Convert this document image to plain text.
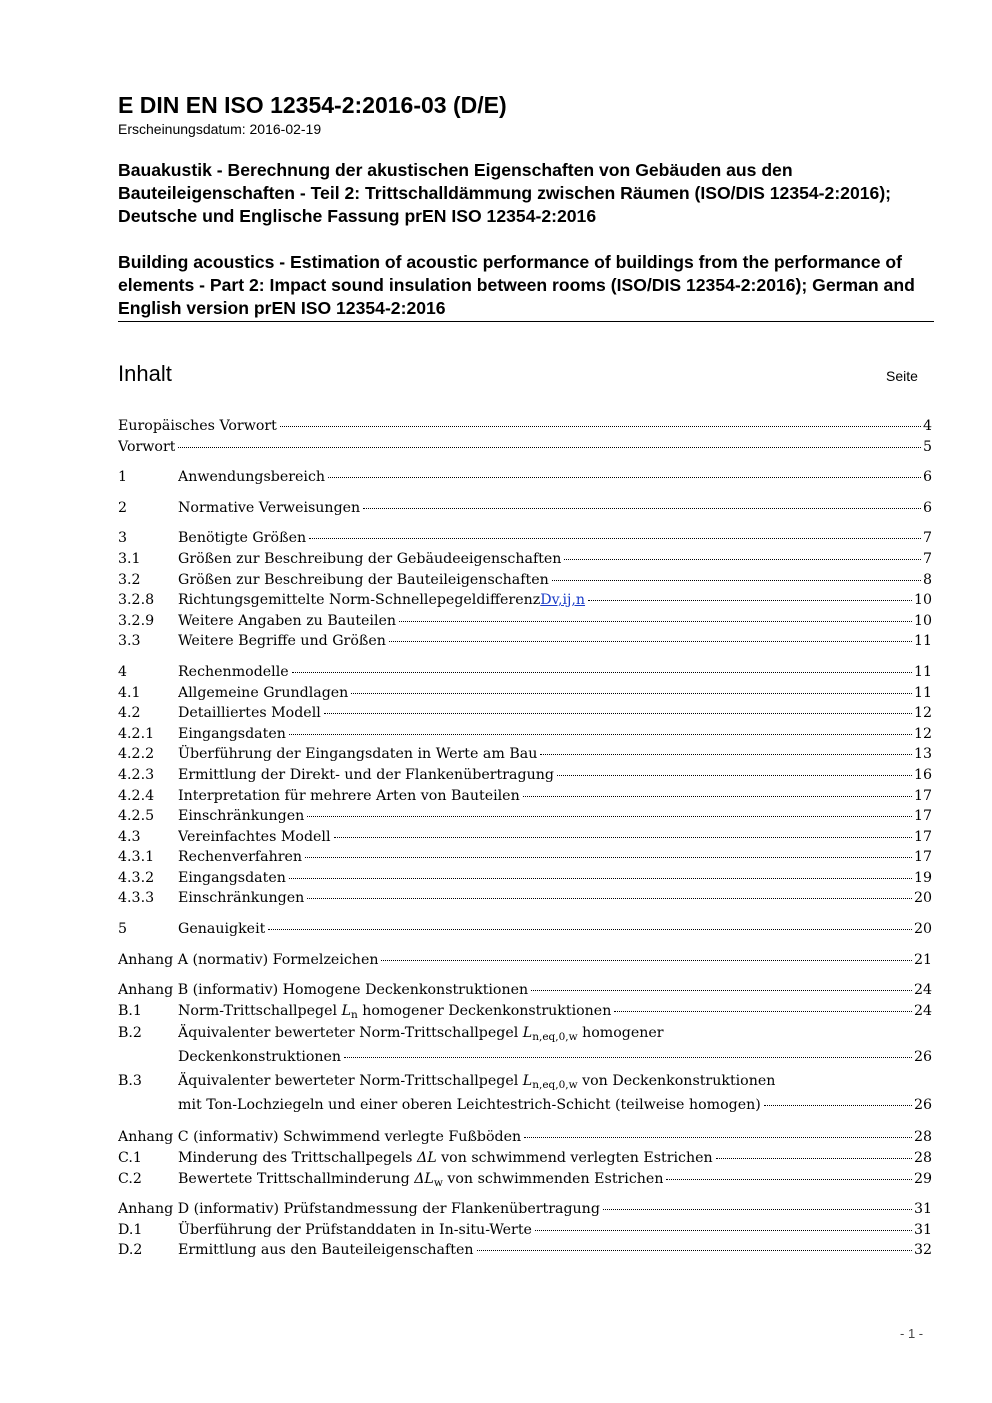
E DIN EN ISO 12354-2:2016-03 (D/E)
Erscheinungsdatum: 2016-02-19
Bauakustik - Berechnung der akustischen Eigenschaften von Gebäuden aus den Bauteileigenschaften - Teil 2: Trittschalldämmung zwischen Räumen (ISO/DIS 12354-2:2016); Deutsche und Englische Fassung prEN ISO 12354-2:2016
Building acoustics - Estimation of acoustic performance of buildings from the performance of elements - Part 2: Impact sound insulation between rooms (ISO/DIS 12354-2:2016); German and English version prEN ISO 12354-2:2016
Inhalt	Seite
Europäisches Vorwort	4
Vorwort	5
1	Anwendungsbereich	6
2	Normative Verweisungen	6
3	Benötigte Größen	7
3.1	Größen zur Beschreibung der Gebäudeeigenschaften	7
3.2	Größen zur Beschreibung der Bauteileigenschaften	8
3.2.8	Richtungsgemittelte Norm-Schnellepegeldifferenz Dv,ij,n	10
3.2.9	Weitere Angaben zu Bauteilen	10
3.3	Weitere Begriffe und Größen	11
4	Rechenmodelle	11
4.1	Allgemeine Grundlagen	11
4.2	Detailliertes Modell	12
4.2.1	Eingangsdaten	12
4.2.2	Überführung der Eingangsdaten in Werte am Bau	13
4.2.3	Ermittlung der Direkt- und der Flankenübertragung	16
4.2.4	Interpretation für mehrere Arten von Bauteilen	17
4.2.5	Einschränkungen	17
4.3	Vereinfachtes Modell	17
4.3.1	Rechenverfahren	17
4.3.2	Eingangsdaten	19
4.3.3	Einschränkungen	20
5	Genauigkeit	20
Anhang A (normativ) Formelzeichen	21
Anhang B (informativ) Homogene Deckenkonstruktionen	24
B.1	Norm-Trittschallpegel $L_n$ homogener Deckenkonstruktionen	24
B.2	Äquivalenter bewerteter Norm-Trittschallpegel $L_{n,eq,0,w}$ homogener
Deckenkonstruktionen	26
B.3	Äquivalenter bewerteter Norm-Trittschallpegel $L_{n,eq,0,w}$ von Deckenkonstruktionen
mit Ton-Lochziegeln und einer oberen Leichtestrich-Schicht (teilweise homogen)	26
Anhang C (informativ) Schwimmend verlegte Fußböden	28
C.1	Minderung des Trittschallpegels ΔL von schwimmend verlegten Estrichen	28
C.2	Bewertete Trittschallminderung $\Delta L_w$ von schwimmenden Estrichen	29
Anhang D (informativ) Prüfstandmessung der Flankenübertragung	31
D.1	Überführung der Prüfstanddaten in In-situ-Werte	31
D.2	Ermittlung aus den Bauteileigenschaften	32
- 1 -
